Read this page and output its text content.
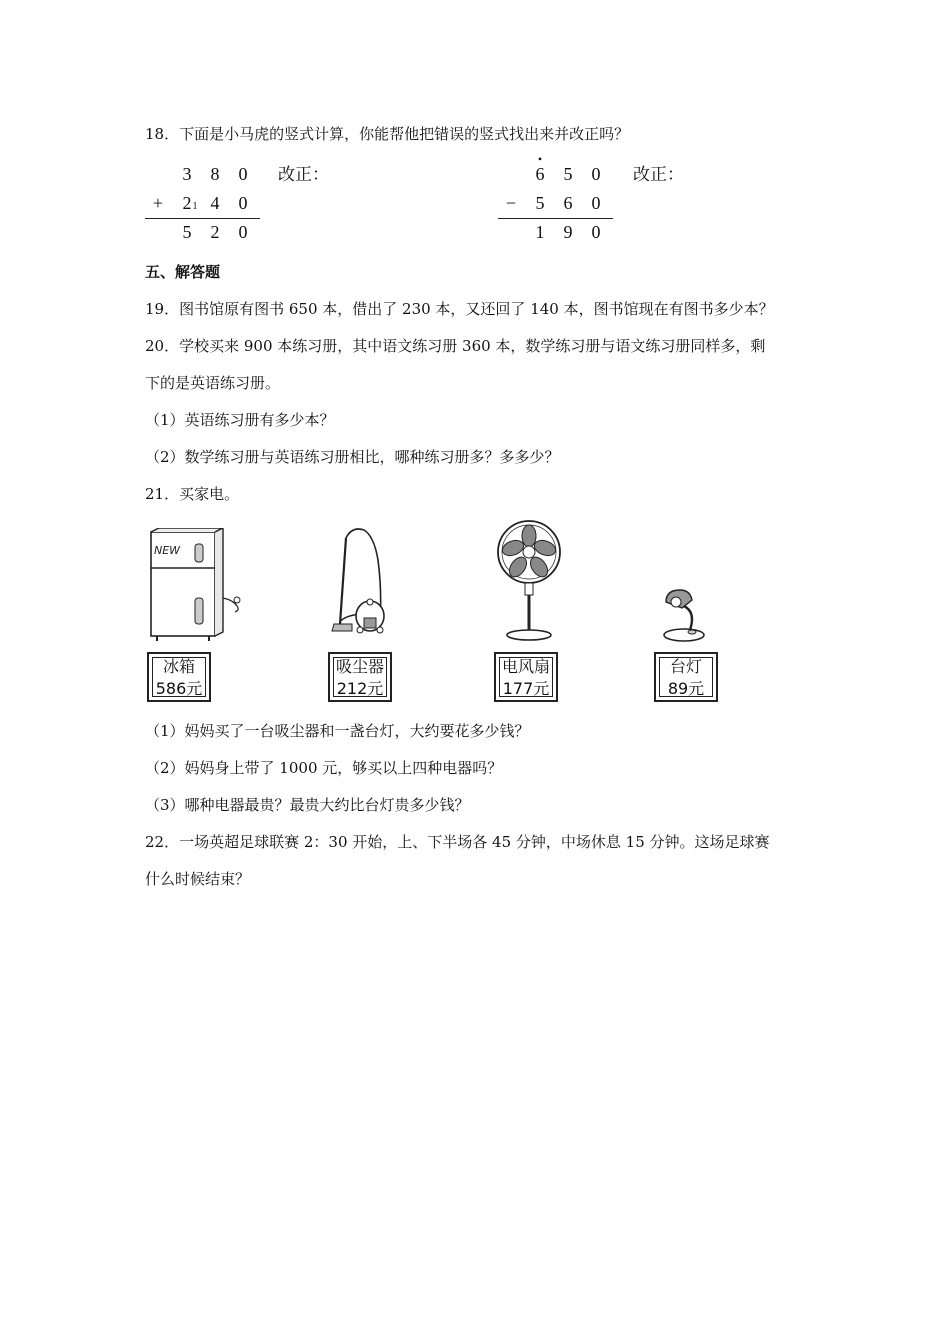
18．下面是小马虎的竖式计算，你能帮他把错误的竖式找出来并改正吗？
3 8 0
+ 2 1 4 0
5 2 0
改正：
•
6 5 0
− 5 6 0
1 9 0
改正：
五、解答题
19．图书馆原有图书 650 本，借出了 230 本，又还回了 140 本，图书馆现在有图书多少本？
20．学校买来 900 本练习册，其中语文练习册 360 本，数学练习册与语文练习册同样多，剩
下的是英语练习册。
（1）英语练习册有多少本？
（2）数学练习册与英语练习册相比，哪种练习册多？多多少？
21．买家电。
NEW
冰箱
586元
吸尘器
212元
电风扇
177元
台灯
89元
（1）妈妈买了一台吸尘器和一盏台灯，大约要花多少钱？
（2）妈妈身上带了 1000 元，够买以上四种电器吗？
（3）哪种电器最贵？最贵大约比台灯贵多少钱？
22．一场英超足球联赛 2：30 开始，上、下半场各 45 分钟，中场休息 15 分钟。这场足球赛
什么时候结束？
